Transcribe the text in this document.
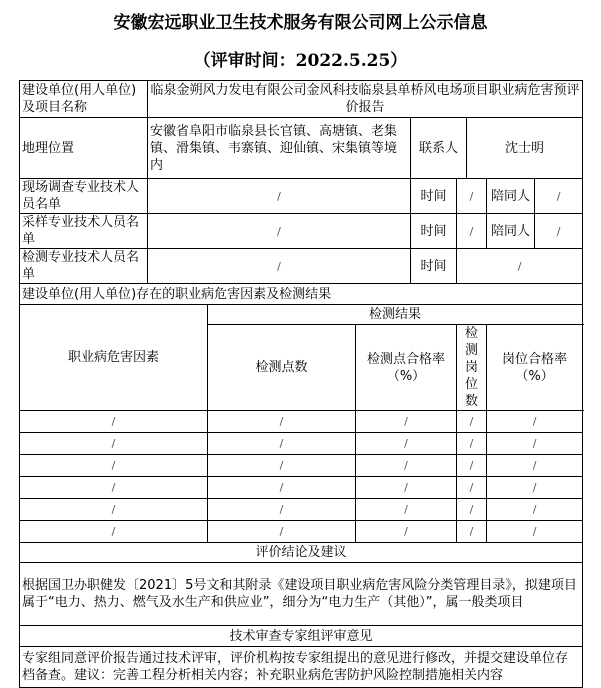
安徽宏远职业卫生技术服务有限公司网上公示信息
（评审时间：2022.5.25）
建设单位(用人单位)及项目名称	临泉金朔风力发电有限公司金风科技临泉县单桥风电场项目职业病危害预评价报告							
地理位置	安徽省阜阳市临泉县长官镇、高塘镇、老集镇、滑集镇、韦寨镇、迎仙镇、宋集镇等境内			联系人		沈士明		
现场调查专业技术人员名单	/			时间	/		陪同人	/
采样专业技术人员名单	/			时间	/		陪同人	/
检测专业技术人员名单	/			时间	/			
建设单位(用人单位)存在的职业病危害因素及检测结果								
职业病危害因素		检测结果						
		检测点数	检测点合格率（%）		检测岗位数		岗位合格率（%）	
/		/	/		/		/	
/		/	/		/		/	
/		/	/		/		/	
/		/	/		/		/	
/		/	/		/		/	
/		/	/		/		/	
评价结论及建议								
根据国卫办职健发〔2021〕5号文和其附录《建设项目职业病危害风险分类管理目录》，拟建项目属于“电力、热力、燃气及水生产和供应业”，细分为“电力生产（其他）”，属一般类项目								
技术审查专家组评审意见								
专家组同意评价报告通过技术评审，评价机构按专家组提出的意见进行修改，并提交建设单位存档备查。建议：完善工程分析相关内容；补充职业病危害防护风险控制措施相关内容								
